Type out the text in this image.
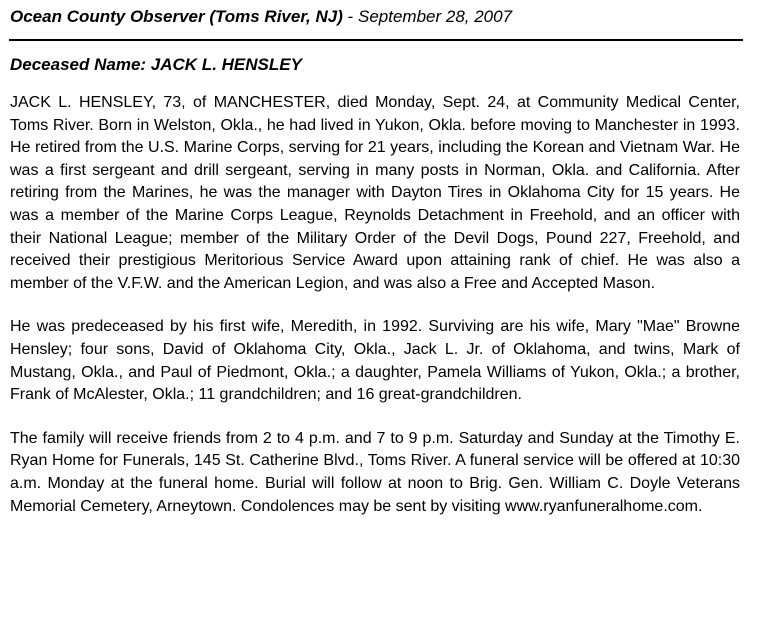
Ocean County Observer (Toms River, NJ) - September 28, 2007
Deceased Name: JACK L. HENSLEY

JACK L. HENSLEY, 73, of MANCHESTER, died Monday, Sept. 24, at Community Medical Center, Toms River. Born in Welston, Okla., he had lived in Yukon, Okla. before moving to Manchester in 1993. He retired from the U.S. Marine Corps, serving for 21 years, including the Korean and Vietnam War. He was a first sergeant and drill sergeant, serving in many posts in Norman, Okla. and California. After retiring from the Marines, he was the manager with Dayton Tires in Oklahoma City for 15 years. He was a member of the Marine Corps League, Reynolds Detachment in Freehold, and an officer with their National League; member of the Military Order of the Devil Dogs, Pound 227, Freehold, and received their prestigious Meritorious Service Award upon attaining rank of chief. He was also a member of the V.F.W. and the American Legion, and was also a Free and Accepted Mason.

He was predeceased by his first wife, Meredith, in 1992. Surviving are his wife, Mary "Mae" Browne Hensley; four sons, David of Oklahoma City, Okla., Jack L. Jr. of Oklahoma, and twins, Mark of Mustang, Okla., and Paul of Piedmont, Okla.; a daughter, Pamela Williams of Yukon, Okla.; a brother, Frank of McAlester, Okla.; 11 grandchildren; and 16 great-grandchildren.

The family will receive friends from 2 to 4 p.m. and 7 to 9 p.m. Saturday and Sunday at the Timothy E. Ryan Home for Funerals, 145 St. Catherine Blvd., Toms River. A funeral service will be offered at 10:30 a.m. Monday at the funeral home. Burial will follow at noon to Brig. Gen. William C. Doyle Veterans Memorial Cemetery, Arneytown. Condolences may be sent by visiting www.ryanfuneralhome.com.
